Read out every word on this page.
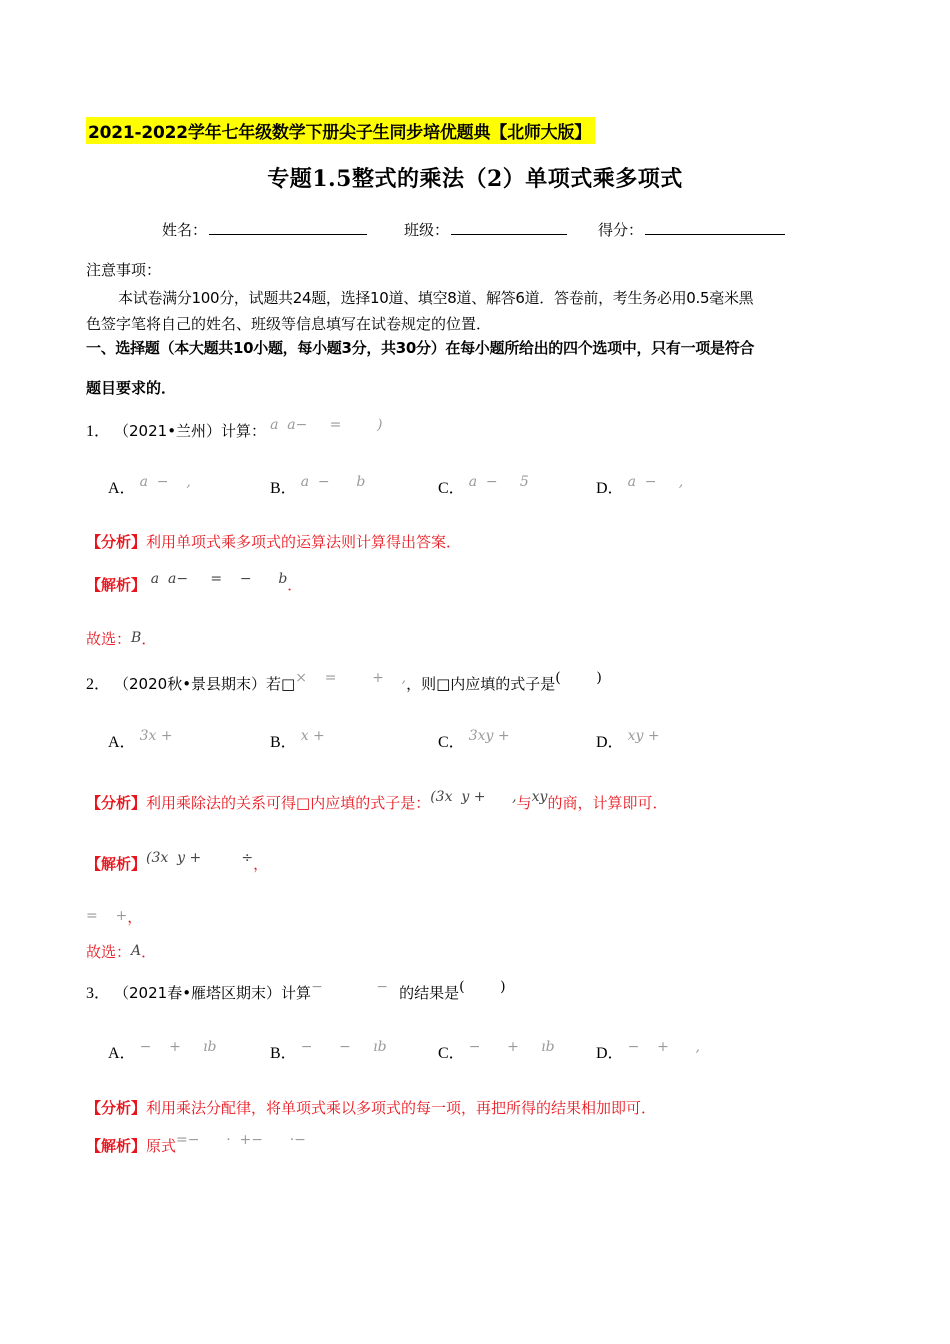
2021-2022学年七年级数学下册尖子生同步培优题典【北师大版】
专题1.5整式的乘法（2）单项式乘多项式
姓名：	班级：	得分：
注意事项：
本试卷满分100分，试题共24题，选择10道、填空8道、解答6道．答卷前，考生务必用0.5毫米黑
色签字笔将自己的姓名、班级等信息填写在试卷规定的位置．
一、选择题（本大题共10小题，每小题3分，共30分）在每小题所给出的四个选项中，只有一项是符合
题目要求的．
1． （2021•兰州）计算： a  a−     =        )
A． a  −    ,	B． a  −      b	C． a  −     5	D． a  −     ,
【分析】利用单项式乘多项式的运算法则计算得出答案．
【解析】 a  a−     =    −      b．
故选：B．
2． （2020秋•景县期末）若□×    =        +    ,，则□内应填的式子是(        )
A． 3x +	B． x +	C． 3xy +	D． xy +
【分析】利用乘除法的关系可得□内应填的式子是：(3x  y +      ,与xy的商，计算即可．
【解析】(3x  y +         ÷，
=    +，
故选：A．
3． （2021春•雁塔区期末）计算−            − 的结果是(        )
A． −    +     ıb	B． −      −     ıb	C． −      +     ıb	D． −    +      ,
【分析】利用乘法分配律，将单项式乘以多项式的每一项，再把所得的结果相加即可．
【解析】原式=−      ·  +−      ·−
